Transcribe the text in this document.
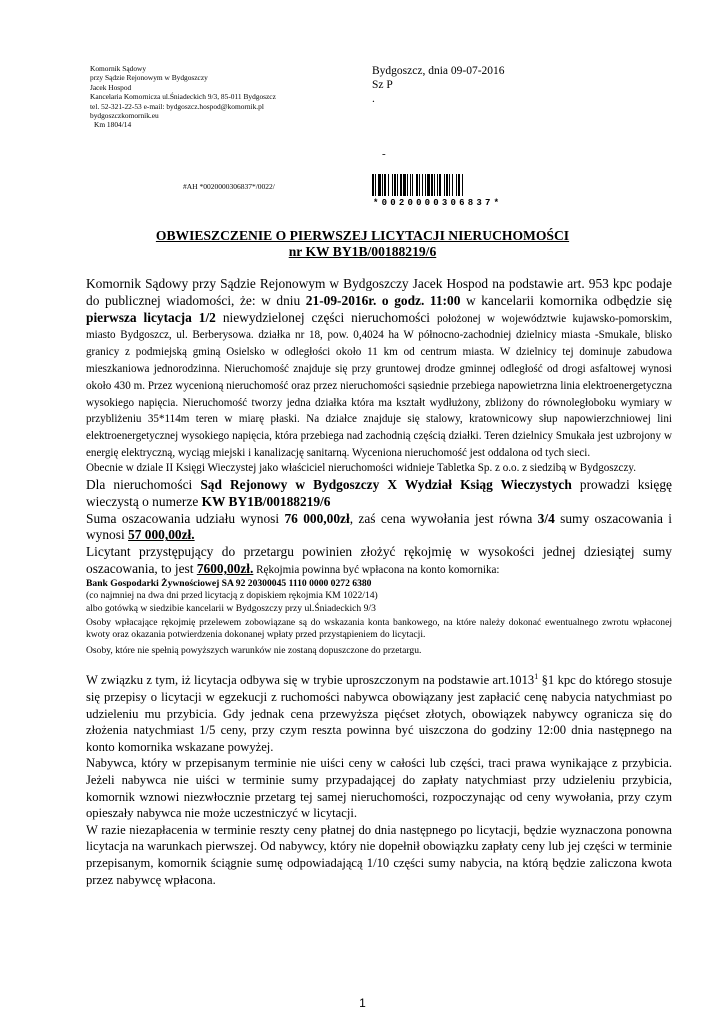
Komornik Sądowy
przy Sądzie Rejonowym w Bydgoszczy
Jacek Hospod
Kancelaria Komornicza ul.Śniadeckich 9/3, 85-011 Bydgoszcz
tel. 52-321-22-53 e-mail: bydgoszcz.hospod@komornik.pl
bydgoszczkomornik.eu
Km 1804/14
Bydgoszcz, dnia 09-07-2016
Sz P
.
-
#AH *0020000306837*/0022/
*0020000306837*
OBWIESZCZENIE O PIERWSZEJ LICYTACJI NIERUCHOMOŚCI
nr KW BY1B/00188219/6

Komornik Sądowy przy Sądzie Rejonowym w Bydgoszczy Jacek Hospod na podstawie art. 953 kpc podaje do publicznej wiadomości, że: w dniu 21-09-2016r. o godz. 11:00 w kancelarii komornika odbędzie się pierwsza licytacja 1/2 niewydzielonej części nieruchomości położonej w województwie kujawsko-pomorskim, miasto Bydgoszcz, ul. Berberysowa. działka nr 18, pow. 0,4024 ha W północno-zachodniej dzielnicy miasta -Smukale, blisko granicy z podmiejską gminą Osielsko w odległości około 11 km od centrum miasta. W dzielnicy tej dominuje zabudowa mieszkaniowa jednorodzinna. Nieruchomość znajduje się przy gruntowej drodze gminnej odległość od drogi asfaltowej wynosi około 430 m. Przez wycenioną nieruchomość oraz przez nieruchomości sąsiednie przebiega napowietrzna linia elektroenergetyczna wysokiego napięcia. Nieruchomość tworzy jedna działka która ma kształt wydłużony, zbliżony do równoległoboku wymiary w przybliżeniu 35*114m teren w miarę płaski. Na działce znajduje się stalowy, kratownicowy słup napowierzchniowej lini elektroenergetycznej wysokiego napięcia, która przebiega nad zachodnią częścią działki. Teren dzielnicy Smukała jest uzbrojony w energię elektryczną, wyciąg miejski i kanalizację sanitarną. Wyceniona nieruchomość jest oddalona od tych sieci.

Obecnie w dziale II Księgi Wieczystej jako właściciel nieruchomości widnieje Tabletka Sp. z o.o. z siedzibą w Bydgoszczy.

Dla nieruchomości Sąd Rejonowy w Bydgoszczy X Wydział Ksiąg Wieczystych prowadzi księgę wieczystą o numerze KW BY1B/00188219/6

Suma oszacowania udziału wynosi 76 000,00zł, zaś cena wywołania jest równa 3/4 sumy oszacowania i wynosi 57 000,00zł.

Licytant przystępujący do przetargu powinien złożyć rękojmię w wysokości jednej dziesiątej sumy oszacowania, to jest 7600,00zł. Rękojmia powinna być wpłacona na konto komornika:

Bank Gospodarki Żywnościowej SA 92 20300045 1110 0000 0272 6380

(co najmniej na dwa dni przed licytacją z dopiskiem rękojmia KM 1022/14)

albo gotówką w siedzibie kancelarii w Bydgoszczy przy ul.Śniadeckich 9/3

Osoby wpłacające rękojmię przelewem zobowiązane są do wskazania konta bankowego, na które należy dokonać ewentualnego zwrotu wpłaconej kwoty oraz okazania potwierdzenia dokonanej wpłaty przed przystąpieniem do licytacji.

Osoby, które nie spełnią powyższych warunków nie zostaną dopuszczone do przetargu.

W związku z tym, iż licytacja odbywa się w trybie uproszczonym na podstawie art.1013$^1$ §1 kpc do którego stosuje się przepisy o licytacji w egzekucji z ruchomości nabywca obowiązany jest zapłacić cenę nabycia natychmiast po udzieleniu mu przybicia. Gdy jednak cena przewyższa pięćset złotych, obowiązek nabywcy ogranicza się do złożenia natychmiast 1/5 ceny, przy czym reszta powinna być uiszczona do godziny 12:00 dnia następnego na konto komornika wskazane powyżej.

Nabywca, który w przepisanym terminie nie uiści ceny w całości lub części, traci prawa wynikające z przybicia. Jeżeli nabywca nie uiści w terminie sumy przypadającej do zapłaty natychmiast przy udzieleniu przybicia, komornik wznowi niezwłocznie przetarg tej samej nieruchomości, rozpoczynając od ceny wywołania, przy czym opieszały nabywca nie może uczestniczyć w licytacji.

W razie niezapłacenia w terminie reszty ceny płatnej do dnia następnego po licytacji, będzie wyznaczona ponowna licytacja na warunkach pierwszej. Od nabywcy, który nie dopełnił obowiązku zapłaty ceny lub jej części w terminie przepisanym, komornik ściągnie sumę odpowiadającą 1/10 części sumy nabycia, na którą będzie zaliczona kwota przez nabywcę wpłacona.

1
